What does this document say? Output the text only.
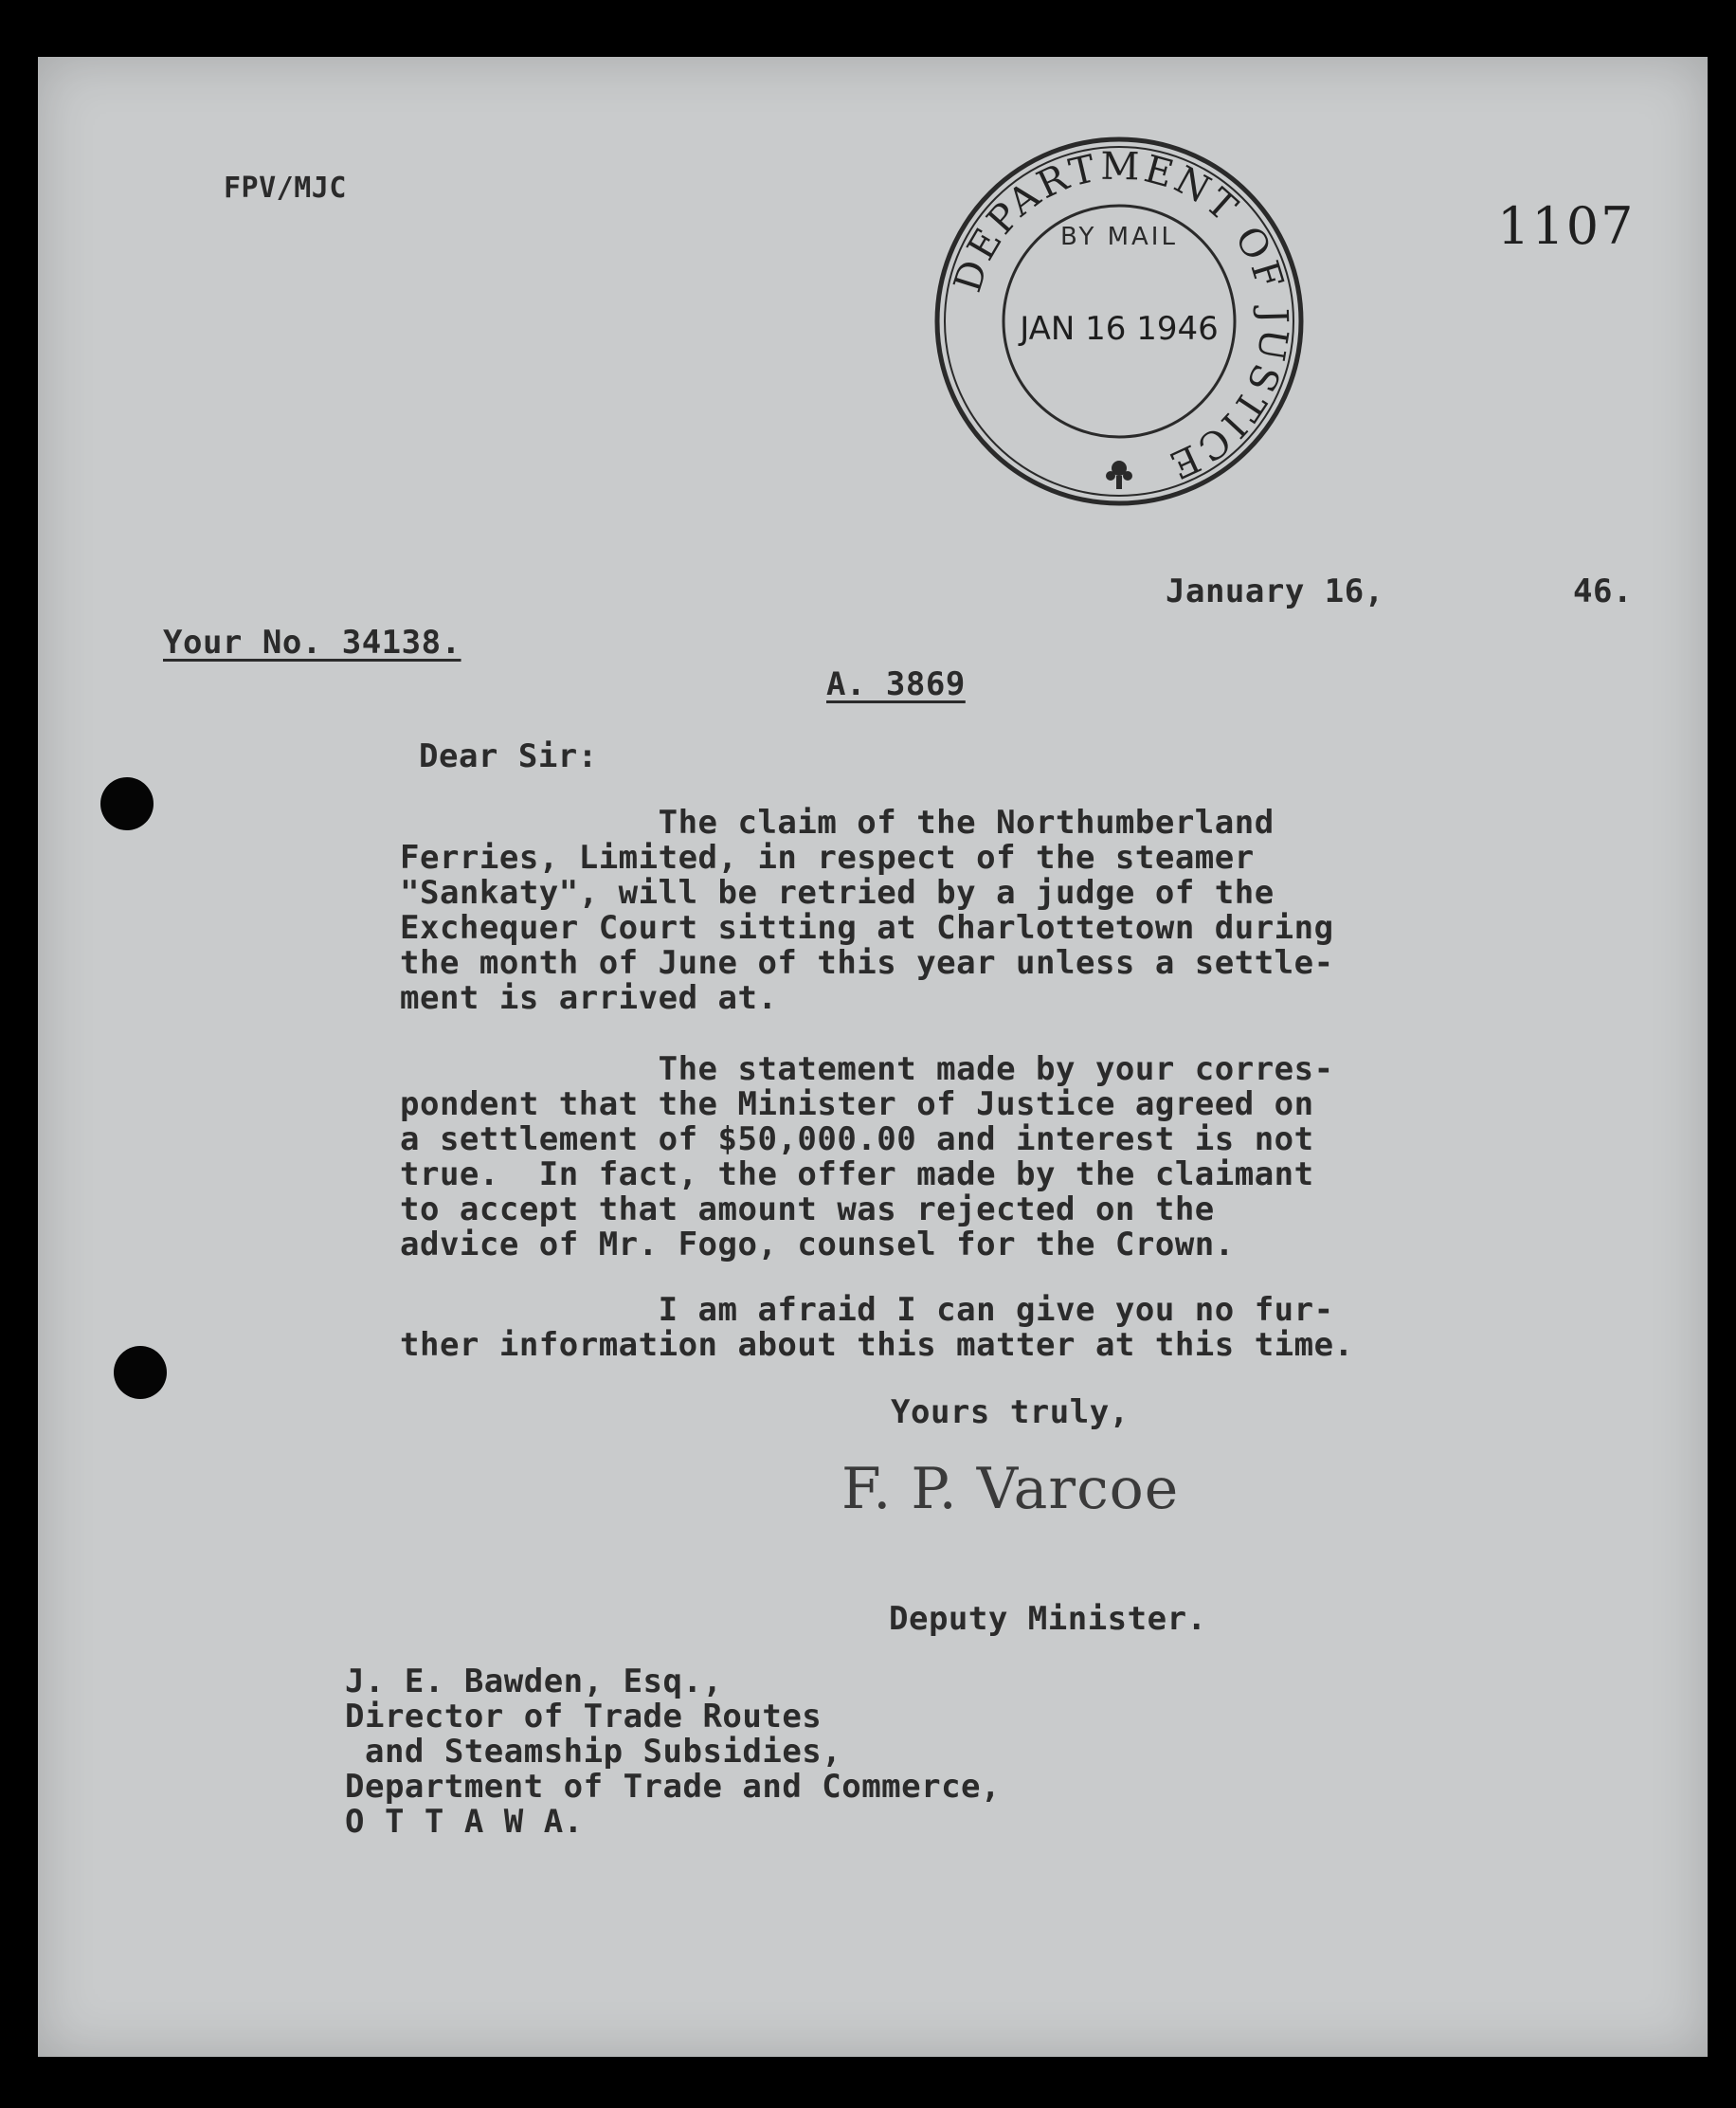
FPV/MJC

1107

DEPARTMENT OF JUSTICE
BY MAIL
JAN 16 1946

January 16,	46.

Your No. 34138.

A. 3869

Dear Sir:

The claim of the Northumberland
Ferries, Limited, in respect of the steamer
"Sankaty", will be retried by a judge of the
Exchequer Court sitting at Charlottetown during
the month of June of this year unless a settle-
ment is arrived at.

The statement made by your corres-
pondent that the Minister of Justice agreed on
a settlement of $50,000.00 and interest is not
true.  In fact, the offer made by the claimant
to accept that amount was rejected on the
advice of Mr. Fogo, counsel for the Crown.

I am afraid I can give you no fur-
ther information about this matter at this time.

Yours truly,

F. P. Varcoe

Deputy Minister.

J. E. Bawden, Esq.,

Director of Trade Routes

and Steamship Subsidies,

Department of Trade and Commerce,

O T T A W A.
